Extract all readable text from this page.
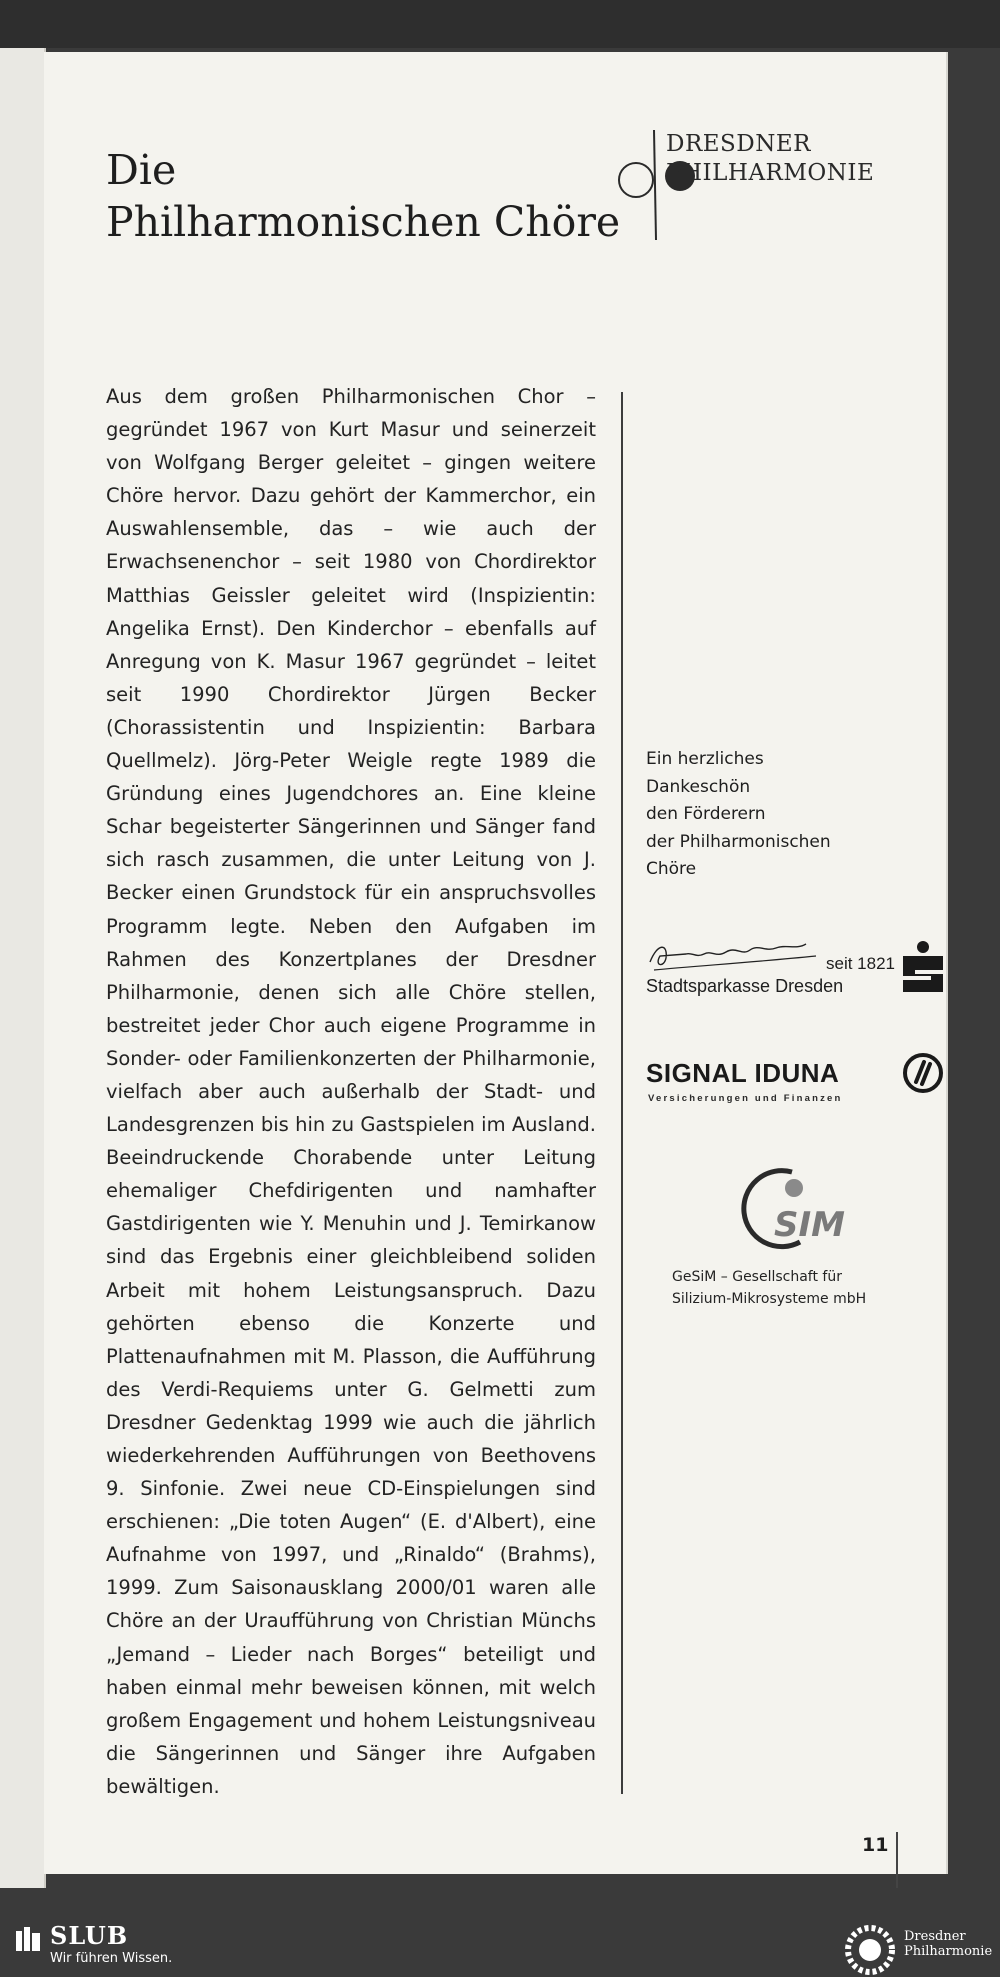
Die
Philharmonischen Chöre
DRESDNER
PHILHARMONIE

Aus dem großen Philharmonischen Chor – gegründet 1967 von Kurt Masur und seinerzeit von Wolfgang Berger geleitet – gingen weitere Chöre hervor. Dazu gehört der Kammerchor, ein Auswahlensemble, das – wie auch der Erwachsenenchor – seit 1980 von Chordirektor Matthias Geissler geleitet wird (Inspizientin: Angelika Ernst). Den Kinderchor – ebenfalls auf Anregung von K. Masur 1967 gegründet – leitet seit 1990 Chordirektor Jürgen Becker (Chorassistentin und Inspizientin: Barbara Quellmelz). Jörg-Peter Weigle regte 1989 die Gründung eines Jugendchores an. Eine kleine Schar begeisterter Sängerinnen und Sänger fand sich rasch zusammen, die unter Leitung von J. Becker einen Grundstock für ein anspruchsvolles Programm legte. Neben den Aufgaben im Rahmen des Konzertplanes der Dresdner Philharmonie, denen sich alle Chöre stellen, bestreitet jeder Chor auch eigene Programme in Sonder- oder Familienkonzerten der Philharmonie, vielfach aber auch außerhalb der Stadt- und Landesgrenzen bis hin zu Gastspielen im Ausland. Beeindruckende Chorabende unter Leitung ehemaliger Chefdirigenten und namhafter Gastdirigenten wie Y. Menuhin und J. Temirkanow sind das Ergebnis einer gleichbleibend soliden Arbeit mit hohem Leistungsanspruch. Dazu gehörten ebenso die Konzerte und Plattenaufnahmen mit M. Plasson, die Aufführung des Verdi-Requiems unter G. Gelmetti zum Dresdner Gedenktag 1999 wie auch die jährlich wiederkehrenden Aufführungen von Beethovens 9. Sinfonie. Zwei neue CD-Einspielungen sind erschienen: „Die toten Augen“ (E. d'Albert), eine Aufnahme von 1997, und „Rinaldo“ (Brahms), 1999. Zum Saisonausklang 2000/01 waren alle Chöre an der Uraufführung von Christian Münchs „Jemand – Lieder nach Borges“ beteiligt und haben einmal mehr beweisen können, mit welch großem Engagement und hohem Leistungsniveau die Sängerinnen und Sänger ihre Aufgaben bewältigen.

Ein herzliches
Dankeschön
den Förderern
der Philharmonischen
Chöre
seit 1821
Stadtsparkasse Dresden
SIGNAL IDUNA
Versicherungen und Finanzen
SIM
GeSiM – Gesellschaft für
Silizium-Mikrosysteme mbH
11
SLUB
Wir führen Wissen.
Dresdner
Philharmonie
